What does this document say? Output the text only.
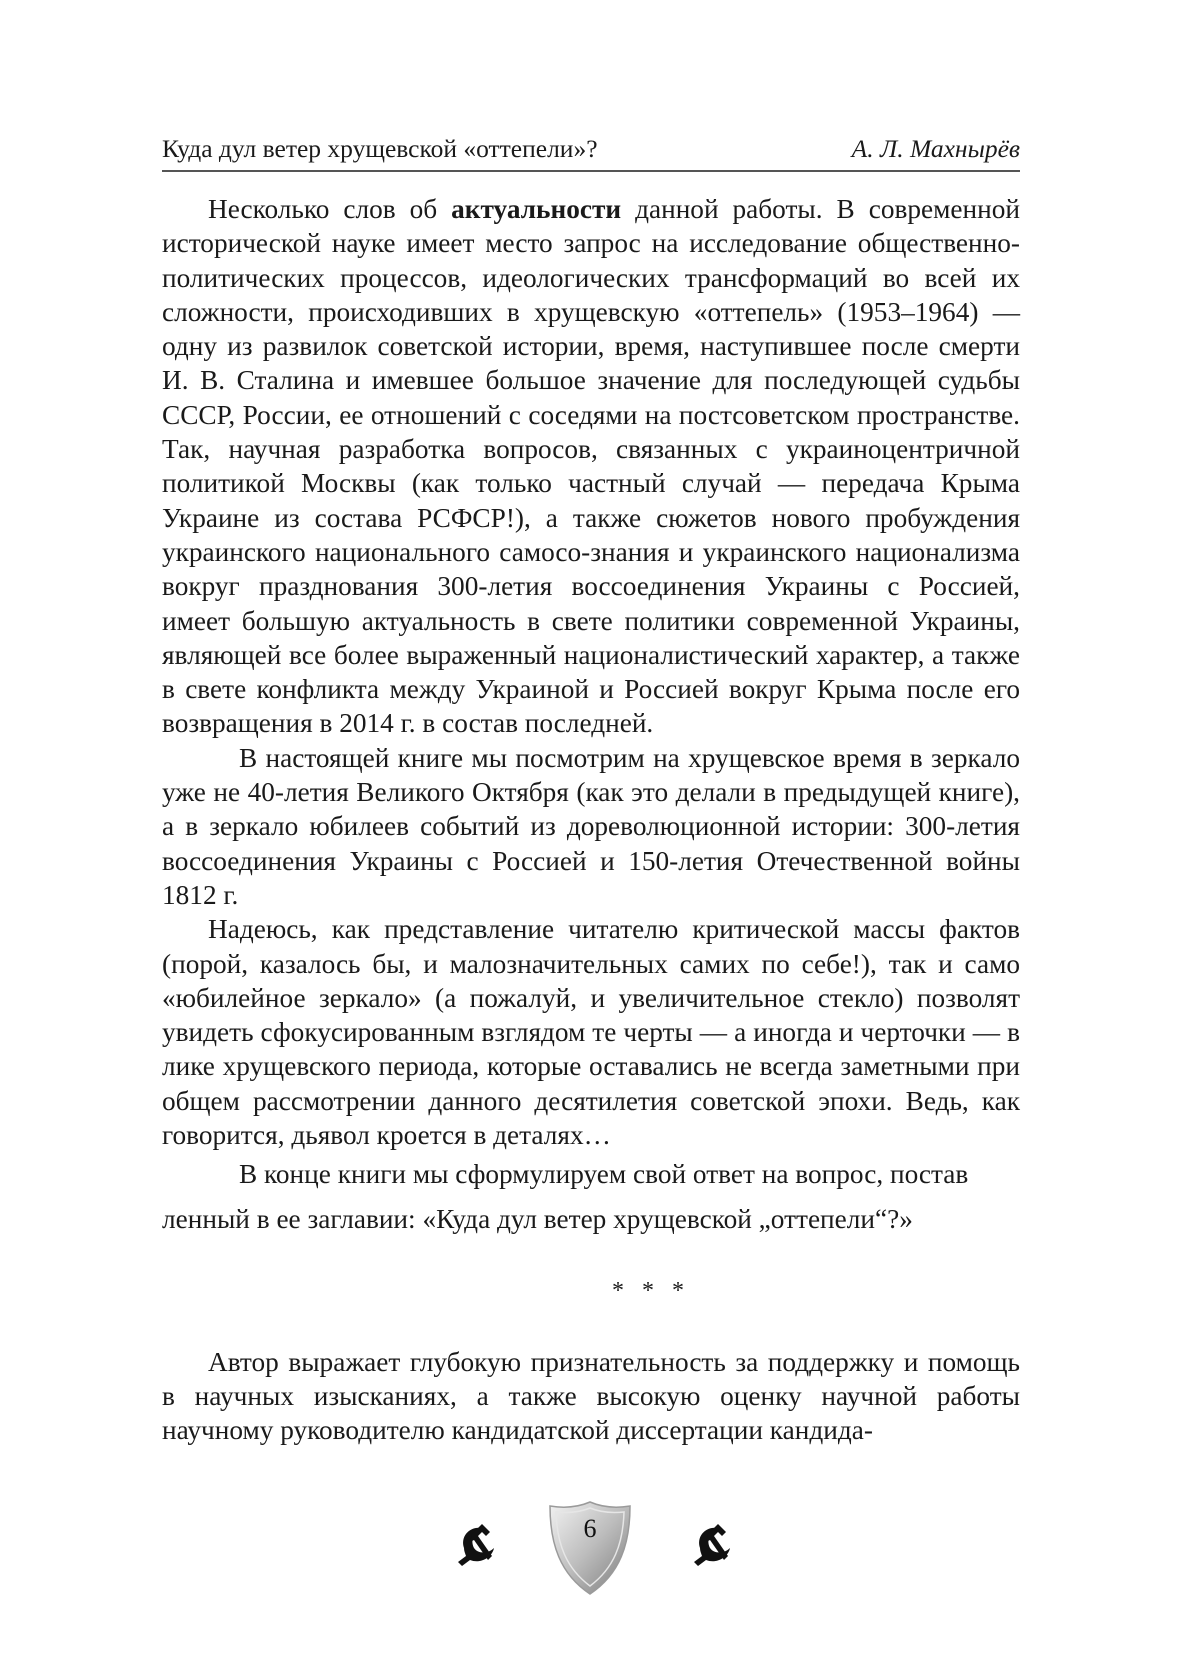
Куда дул ветер хрущевской «оттепели»?	А. Л. Махнырёв

Несколько слов об актуальности данной работы. В современной исторической науке имеет место запрос на исследование общественно-политических процессов, идеологических трансформаций во всей их сложности, происходивших в хрущевскую «оттепель» (1953–1964) — одну из развилок советской истории, время, наступившее после смерти И. В. Сталина и имевшее большое значение для последующей судьбы СССР, России, ее отношений с соседями на постсоветском пространстве. Так, научная разработка вопросов, связанных с украиноцентричной политикой Москвы (как только частный случай — передача Крыма Украине из состава РСФСР!), а также сюжетов нового пробуждения украинского национального самосо-знания и украинского национализма вокруг празднования 300-летия воссоединения Украины с Россией, имеет большую актуальность в свете политики современной Украины, являющей все более выраженный националистический характер, а также в свете конфликта между Украиной и Россией вокруг Крыма после его возвращения в 2014 г. в состав последней.

В настоящей книге мы посмотрим на хрущевское время в зеркало уже не 40-летия Великого Октября (как это делали в предыдущей книге), а в зеркало юбилеев событий из дореволюционной истории: 300-летия воссоединения Украины с Россией и 150-летия Отечественной войны 1812 г.

Надеюсь, как представление читателю критической массы фактов (порой, казалось бы, и малозначительных самих по себе!), так и само «юбилейное зеркало» (а пожалуй, и увеличительное стекло) позволят увидеть сфокусированным взглядом те черты — а иногда и черточки — в лике хрущевского периода, которые оставались не всегда заметными при общем рассмотрении данного десятилетия советской эпохи. Ведь, как говорится, дьявол кроется в деталях…

В конце книги мы сформулируем свой ответ на вопрос, постав
ленный в ее заглавии: «Куда дул ветер хрущевской „оттепели“?»

* * *

Автор выражает глубокую признательность за поддержку и помощь в научных изысканиях, а также высокую оценку научной работы научному руководителю кандидатской диссертации кандида-

6
